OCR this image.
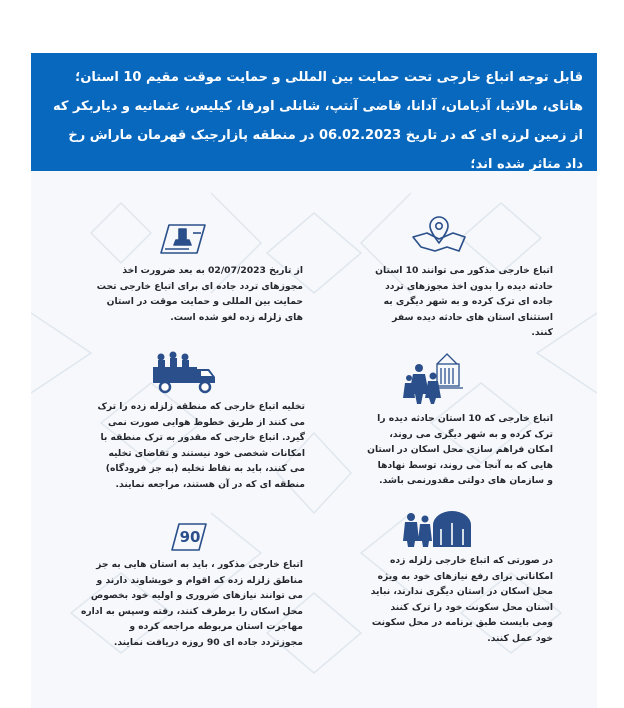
قابل توجه اتباع خارجی تحت حمایت بین المللی و حمایت موقت مقیم 10 استان؛ هاتای، مالاتیا، آدیامان، آدانا، قاضی آنتپ، شانلی اورفا، کیلیس، عثمانیه و دیاربکر که از زمین لرزه ای که در تاریخ 06.02.2023 در منطقه پازارجیک قهرمان ماراش رخ داد متاثر شده اند؛
اتباع خارجی مذکور می توانند 10 استان
حادثه دیده را بدون اخذ مجوزهای تردد
جاده ای ترک کرده و به شهر دیگری به
استثنای استان های حادثه دیده سفر
کنند.
از تاریخ 02/07/2023 به بعد ضرورت اخذ
مجوزهای تردد جاده ای برای اتباع خارجی تحت
حمایت بین المللی و حمایت موقت در استان
های زلزله زده لغو شده است.
اتباع خارجی که 10 استان حادثه دیده را
ترک کرده و به شهر دیگری می روند،
امکان فراهم سازی محل اسکان در استان
هایی که به آنجا می روند، توسط نهادها
و سازمان های دولتی مقدورنمی باشد.
تخلیه اتباع خارجی که منطقه زلزله زده را ترک
می کنند از طریق خطوط هوایی صورت نمی
گیرد. اتباع خارجی که مقدور به ترک منطقه با
امکانات شخصی خود نیستند و تقاضای تخلیه
می کنند، باید به نقاط تخلیه (به جز فرودگاه)
منطقه ای که در آن هستند، مراجعه نمایند.
در صورتی که اتباع خارجی زلزله زده
امکاناتی برای رفع نیازهای خود به ویژه
محل اسکان در استان دیگری ندارند، نباید
استان محل سکونت خود را ترک کنند
ومی بایست طبق برنامه در محل سکونت
خود عمل کنند.
90
اتباع خارجی مذکور ، باید به استان هایی به جز
مناطق زلزله زده که اقوام و خویشاوند دارند و
می توانند نیازهای ضروری و اولیه خود بخصوص
محل اسکان را برطرف کنند، رفته وسپس به اداره
مهاجرت استان مربوطه مراجعه کرده و
مجوزتردد جاده ای 90 روزه دریافت نمایند.
